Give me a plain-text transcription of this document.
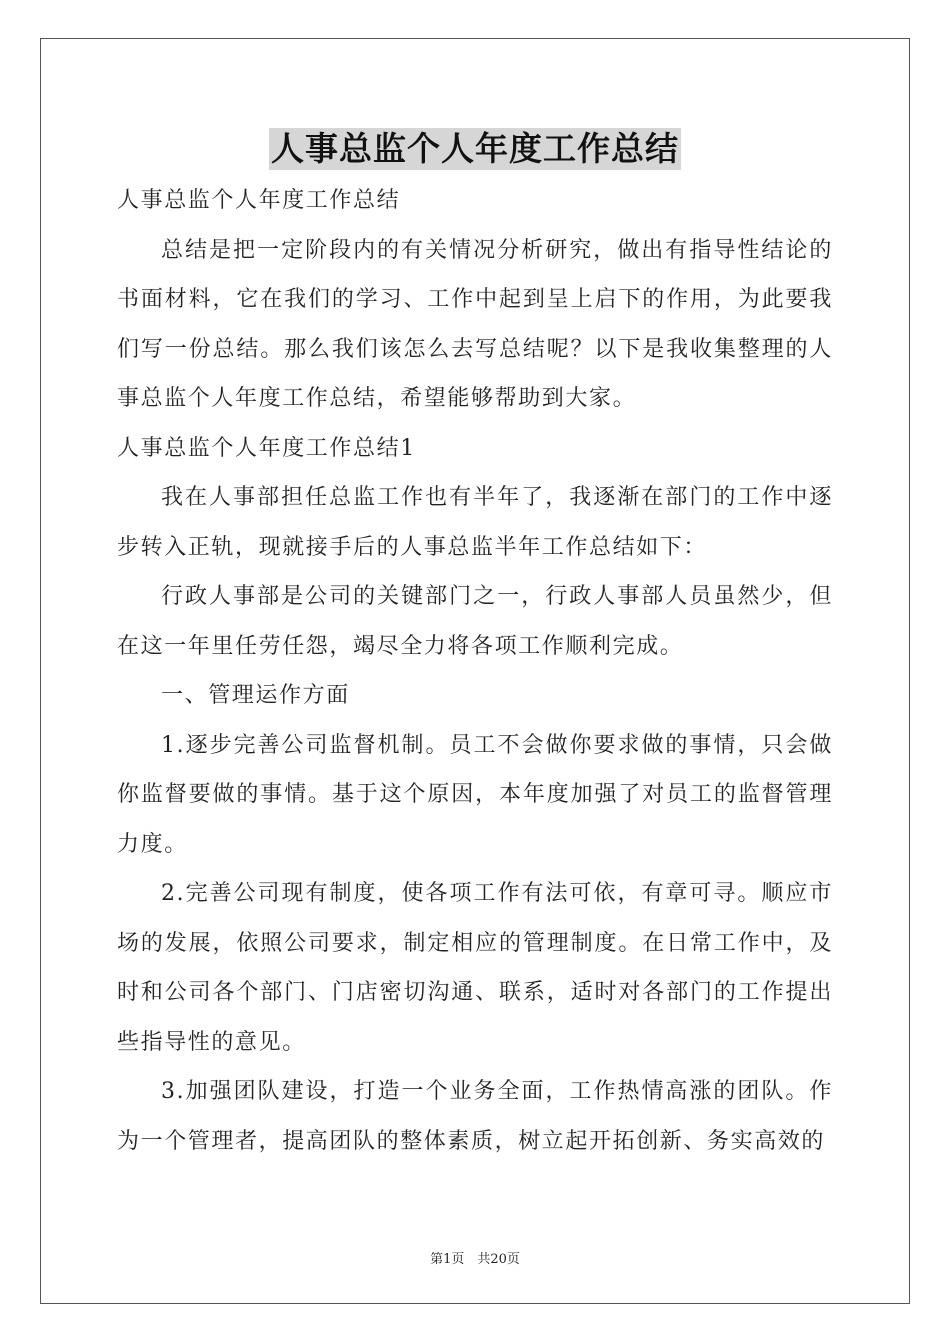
人事总监个人年度工作总结

人事总监个人年度工作总结

总结是把一定阶段内的有关情况分析研究，做出有指导性结论的书面材料，它在我们的学习、工作中起到呈上启下的作用，为此要我们写一份总结。那么我们该怎么去写总结呢？以下是我收集整理的人事总监个人年度工作总结，希望能够帮助到大家。

人事总监个人年度工作总结1

我在人事部担任总监工作也有半年了，我逐渐在部门的工作中逐步转入正轨，现就接手后的人事总监半年工作总结如下：

行政人事部是公司的关键部门之一，行政人事部人员虽然少，但在这一年里任劳任怨，竭尽全力将各项工作顺利完成。

一、管理运作方面

1.逐步完善公司监督机制。员工不会做你要求做的事情，只会做你监督要做的事情。基于这个原因，本年度加强了对员工的监督管理力度。

2.完善公司现有制度，使各项工作有法可依，有章可寻。顺应市场的发展，依照公司要求，制定相应的管理制度。在日常工作中，及时和公司各个部门、门店密切沟通、联系，适时对各部门的工作提出些指导性的意见。

3.加强团队建设，打造一个业务全面，工作热情高涨的团队。作为一个管理者，提高团队的整体素质，树立起开拓创新、务实高效的

第1页　共20页
